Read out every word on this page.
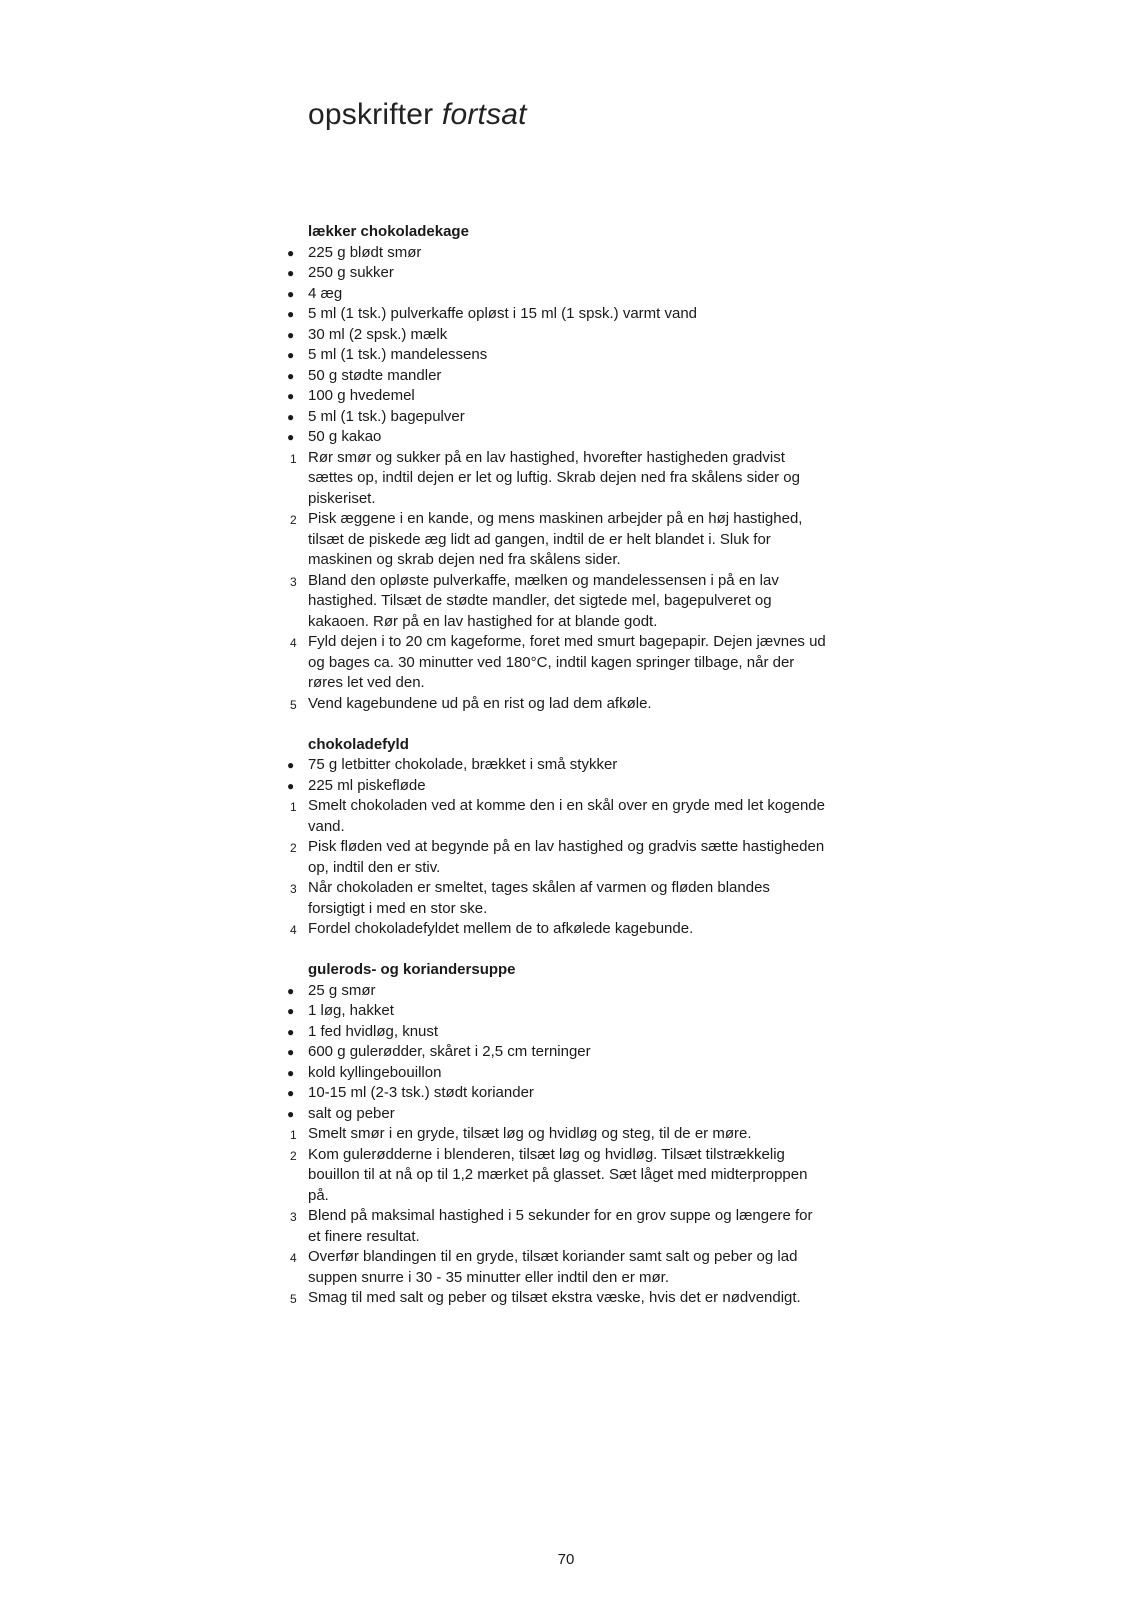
opskrifter fortsat
lækker chokoladekage
● 225 g blødt smør
● 250 g sukker
● 4 æg
● 5 ml (1 tsk.) pulverkaffe opløst i 15 ml (1 spsk.) varmt vand
● 30 ml (2 spsk.) mælk
● 5 ml (1 tsk.) mandelessens
● 50 g stødte mandler
● 100 g hvedemel
● 5 ml (1 tsk.) bagepulver
● 50 g kakao
1 Rør smør og sukker på en lav hastighed, hvorefter hastigheden gradvist sættes op, indtil dejen er let og luftig. Skrab dejen ned fra skålens sider og piskeriset.
2 Pisk æggene i en kande, og mens maskinen arbejder på en høj hastighed, tilsæt de piskede æg lidt ad gangen, indtil de er helt blandet i. Sluk for maskinen og skrab dejen ned fra skålens sider.
3 Bland den opløste pulverkaffe, mælken og mandelessensen i på en lav hastighed. Tilsæt de stødte mandler, det sigtede mel, bagepulveret og kakaoen. Rør på en lav hastighed for at blande godt.
4 Fyld dejen i to 20 cm kageforme, foret med smurt bagepapir. Dejen jævnes ud og bages ca. 30 minutter ved 180°C, indtil kagen springer tilbage, når der røres let ved den.
5 Vend kagebundene ud på en rist og lad dem afkøle.
chokoladefyld
● 75 g letbitter chokolade, brækket i små stykker
● 225 ml piskefløde
1 Smelt chokoladen ved at komme den i en skål over en gryde med let kogende vand.
2 Pisk fløden ved at begynde på en lav hastighed og gradvis sætte hastigheden op, indtil den er stiv.
3 Når chokoladen er smeltet, tages skålen af varmen og fløden blandes forsigtigt i med en stor ske.
4 Fordel chokoladefyldet mellem de to afkølede kagebunde.
gulerods- og koriandersuppe
● 25 g smør
● 1 løg, hakket
● 1 fed hvidløg, knust
● 600 g gulerødder, skåret i 2,5 cm terninger
● kold kyllingebouillon
● 10-15 ml (2-3 tsk.) stødt koriander
● salt og peber
1 Smelt smør i en gryde, tilsæt løg og hvidløg og steg, til de er møre.
2 Kom gulerødderne i blenderen, tilsæt løg og hvidløg. Tilsæt tilstrækkelig bouillon til at nå op til 1,2 mærket på glasset. Sæt låget med midterproppen på.
3 Blend på maksimal hastighed i 5 sekunder for en grov suppe og længere for et finere resultat.
4 Overfør blandingen til en gryde, tilsæt koriander samt salt og peber og lad suppen snurre i 30 - 35 minutter eller indtil den er mør.
5 Smag til med salt og peber og tilsæt ekstra væske, hvis det er nødvendigt.
70
